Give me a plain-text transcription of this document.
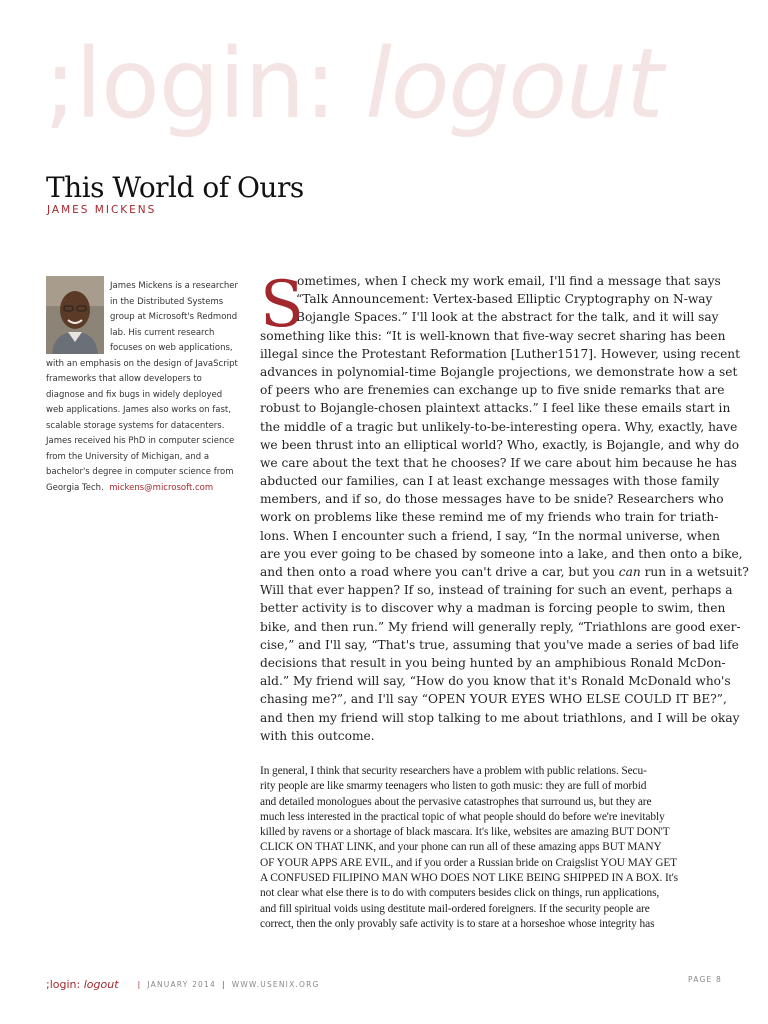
;login: logout
This World of Ours

JAMES MICKENS

James Mickens is a researcher
in the Distributed Systems
group at Microsoft's Redmond
lab. His current research
focuses on web applications,
with an emphasis on the design of JavaScript
frameworks that allow developers to
diagnose and fix bugs in widely deployed
web applications. James also works on fast,
scalable storage systems for datacenters.
James received his PhD in computer science
from the University of Michigan, and a
bachelor's degree in computer science from
Georgia Tech. mickens@microsoft.com
S
ometimes, when I check my work email, I'll find a message that says
“Talk Announcement: Vertex-based Elliptic Cryptography on N-way
Bojangle Spaces.” I'll look at the abstract for the talk, and it will say
something like this: “It is well-known that five-way secret sharing has been
illegal since the Protestant Reformation [Luther1517]. However, using recent
advances in polynomial-time Bojangle projections, we demonstrate how a set
of peers who are frenemies can exchange up to five snide remarks that are
robust to Bojangle-chosen plaintext attacks.” I feel like these emails start in
the middle of a tragic but unlikely-to-be-interesting opera. Why, exactly, have
we been thrust into an elliptical world? Who, exactly, is Bojangle, and why do
we care about the text that he chooses? If we care about him because he has
abducted our families, can I at least exchange messages with those family
members, and if so, do those messages have to be snide? Researchers who
work on problems like these remind me of my friends who train for triath-
lons. When I encounter such a friend, I say, “In the normal universe, when
are you ever going to be chased by someone into a lake, and then onto a bike,
and then onto a road where you can't drive a car, but you can run in a wetsuit?
Will that ever happen? If so, instead of training for such an event, perhaps a
better activity is to discover why a madman is forcing people to swim, then
bike, and then run.” My friend will generally reply, “Triathlons are good exer-
cise,” and I'll say, “That's true, assuming that you've made a series of bad life
decisions that result in you being hunted by an amphibious Ronald McDon-
ald.” My friend will say, “How do you know that it's Ronald McDonald who's
chasing me?”, and I'll say “OPEN YOUR EYES WHO ELSE COULD IT BE?”,
and then my friend will stop talking to me about triathlons, and I will be okay
with this outcome.
In general, I think that security researchers have a problem with public relations. Secu-
rity people are like smarmy teenagers who listen to goth music: they are full of morbid
and detailed monologues about the pervasive catastrophes that surround us, but they are
much less interested in the practical topic of what people should do before we're inevitably
killed by ravens or a shortage of black mascara. It's like, websites are amazing BUT DON'T
CLICK ON THAT LINK, and your phone can run all of these amazing apps BUT MANY
OF YOUR APPS ARE EVIL, and if you order a Russian bride on Craigslist YOU MAY GET
A CONFUSED FILIPINO MAN WHO DOES NOT LIKE BEING SHIPPED IN A BOX. It's
not clear what else there is to do with computers besides click on things, run applications,
and fill spiritual voids using destitute mail-ordered foreigners. If the security people are
correct, then the only provably safe activity is to stare at a horseshoe whose integrity has
;login: logout	| JANUARY 2014 | WWW.USENIX.ORG
PAGE 8
